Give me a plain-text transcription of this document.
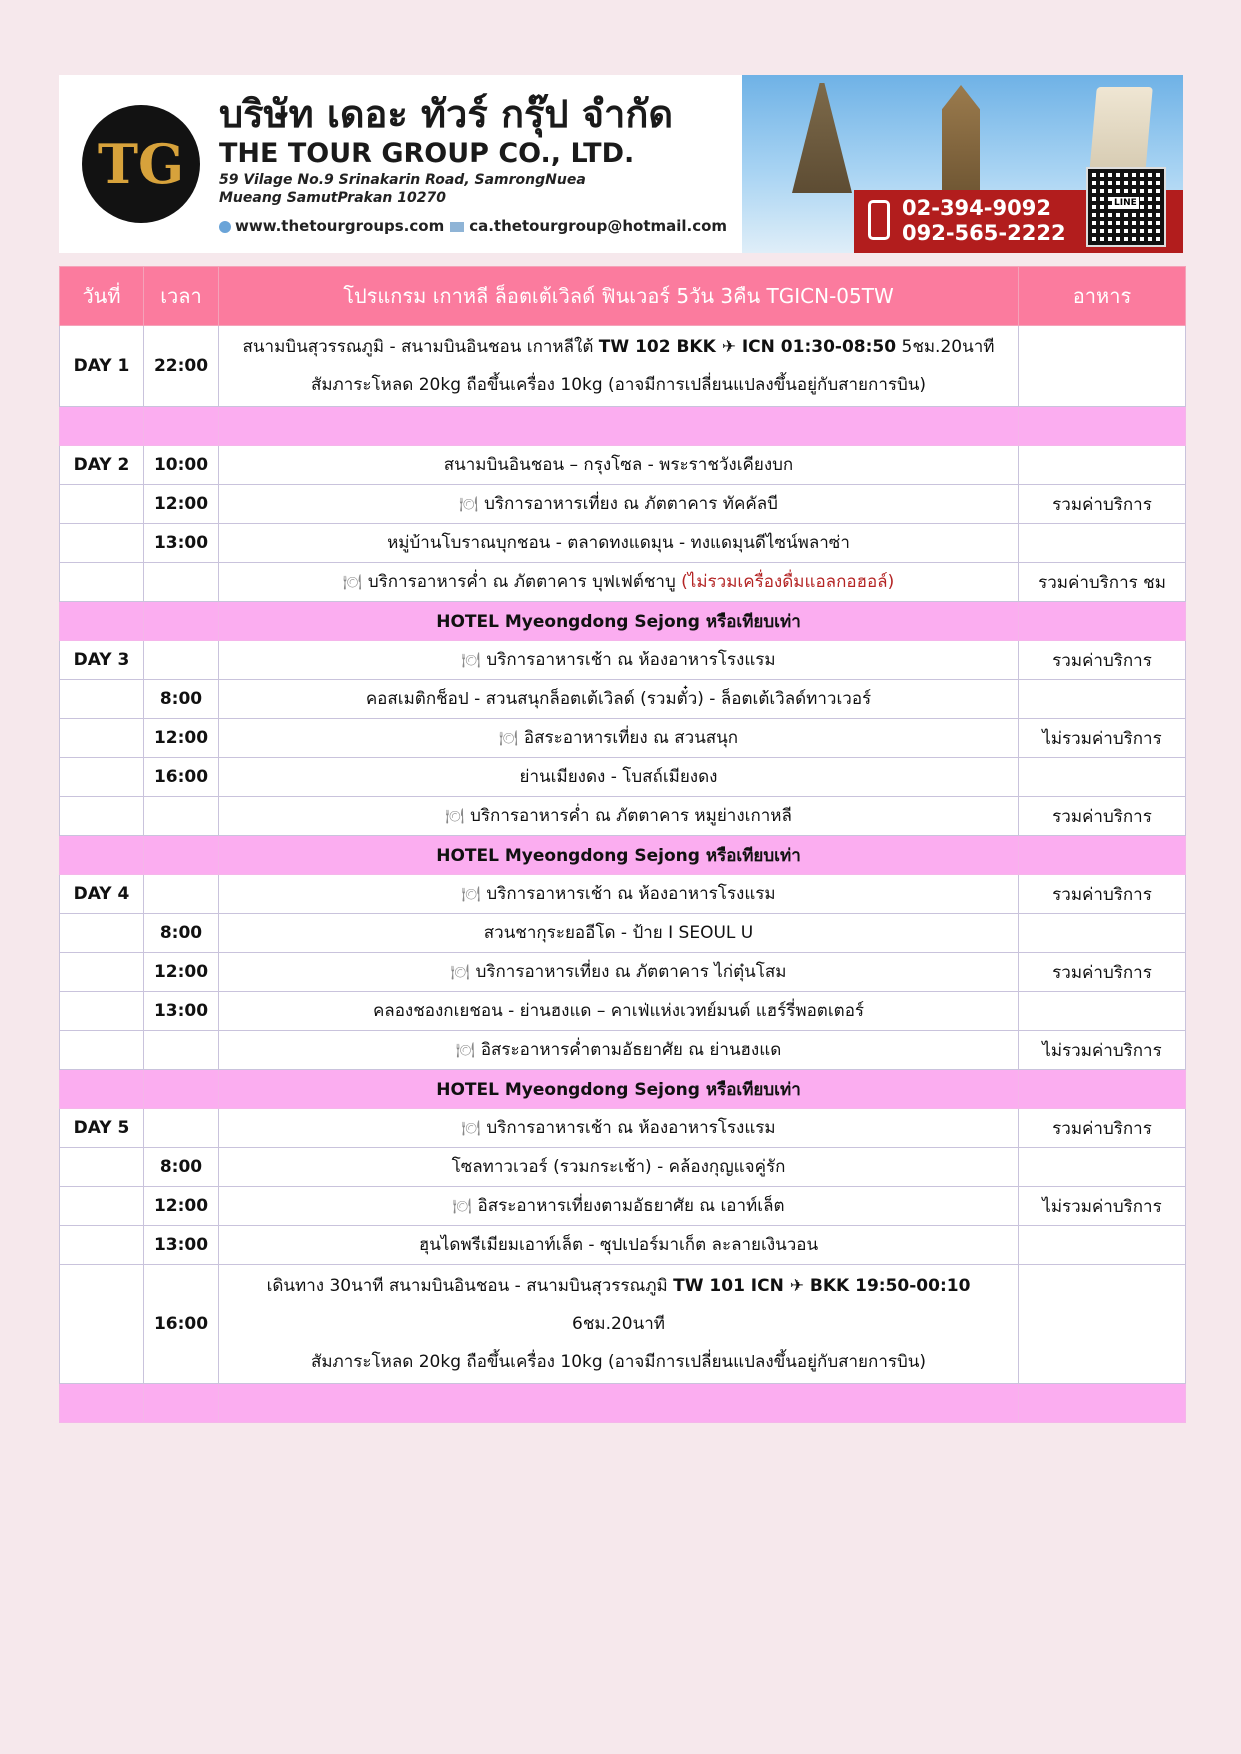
TG
บริษัท เดอะ ทัวร์ กรุ๊ป จำกัด
THE TOUR GROUP CO., LTD.
59 Vilage No.9 Srinakarin Road, SamrongNuea
Mueang SamutPrakan 10270
www.thetourgroups.com ca.thetourgroup@hotmail.com
02-394-9092
092-565-2222
LINE
วันที่	เวลา	โปรแกรม เกาหลี ล็อตเต้เวิลด์ ฟินเวอร์ 5วัน 3คืน TGICN-05TW	อาหาร
DAY 1	22:00	สนามบินสุวรรณภูมิ - สนามบินอินชอน เกาหลีใต้ TW 102 BKK ✈ ICN 01:30-08:50 5ชม.20นาที
สัมภาระโหลด 20kg ถือขึ้นเครื่อง 10kg (อาจมีการเปลี่ยนแปลงขึ้นอยู่กับสายการบิน)	

DAY 2	10:00	สนามบินอินชอน – กรุงโซล - พระราชวังเคียงบก	
	12:00	🍽 บริการอาหารเที่ยง ณ ภัตตาคาร ทัคคัลบี	รวมค่าบริการ
	13:00	หมู่บ้านโบราณบุกชอน - ตลาดทงแดมุน - ทงแดมุนดีไซน์พลาซ่า	
		🍽 บริการอาหารค่ำ ณ ภัตตาคาร บุฟเฟต์ชาบู (ไม่รวมเครื่องดื่มแอลกอฮอล์)	รวมค่าบริการ ชม
		HOTEL Myeongdong Sejong หรือเทียบเท่า	
DAY 3		🍽 บริการอาหารเช้า ณ ห้องอาหารโรงแรม	รวมค่าบริการ
	8:00	คอสเมติกช็อป - สวนสนุกล็อตเต้เวิลด์ (รวมตั๋ว) - ล็อตเต้เวิลด์ทาวเวอร์	
	12:00	🍽 อิสระอาหารเที่ยง ณ สวนสนุก	ไม่รวมค่าบริการ
	16:00	ย่านเมียงดง - โบสถ์เมียงดง	
		🍽 บริการอาหารค่ำ ณ ภัตตาคาร หมูย่างเกาหลี	รวมค่าบริการ
		HOTEL Myeongdong Sejong หรือเทียบเท่า	
DAY 4		🍽 บริการอาหารเช้า ณ ห้องอาหารโรงแรม	รวมค่าบริการ
	8:00	สวนชากุระยออีโด - ป้าย I SEOUL U	
	12:00	🍽 บริการอาหารเที่ยง ณ ภัตตาคาร ไก่ตุ๋นโสม	รวมค่าบริการ
	13:00	คลองชองกเยชอน - ย่านฮงแด – คาเฟ่แห่งเวทย์มนต์ แฮร์รี่พอตเตอร์	
		🍽 อิสระอาหารค่ำตามอัธยาศัย ณ ย่านฮงแด	ไม่รวมค่าบริการ
		HOTEL Myeongdong Sejong หรือเทียบเท่า	
DAY 5		🍽 บริการอาหารเช้า ณ ห้องอาหารโรงแรม	รวมค่าบริการ
	8:00	โซลทาวเวอร์ (รวมกระเช้า) - คล้องกุญแจคู่รัก	
	12:00	🍽 อิสระอาหารเที่ยงตามอัธยาศัย ณ เอาท์เล็ต	ไม่รวมค่าบริการ
	13:00	ฮุนไดพรีเมียมเอาท์เล็ต - ซุปเปอร์มาเก็ต ละลายเงินวอน	
	16:00	เดินทาง 30นาที สนามบินอินชอน - สนามบินสุวรรณภูมิ TW 101 ICN ✈ BKK 19:50-00:10 6ชม.20นาที
สัมภาระโหลด 20kg ถือขึ้นเครื่อง 10kg (อาจมีการเปลี่ยนแปลงขึ้นอยู่กับสายการบิน)	
